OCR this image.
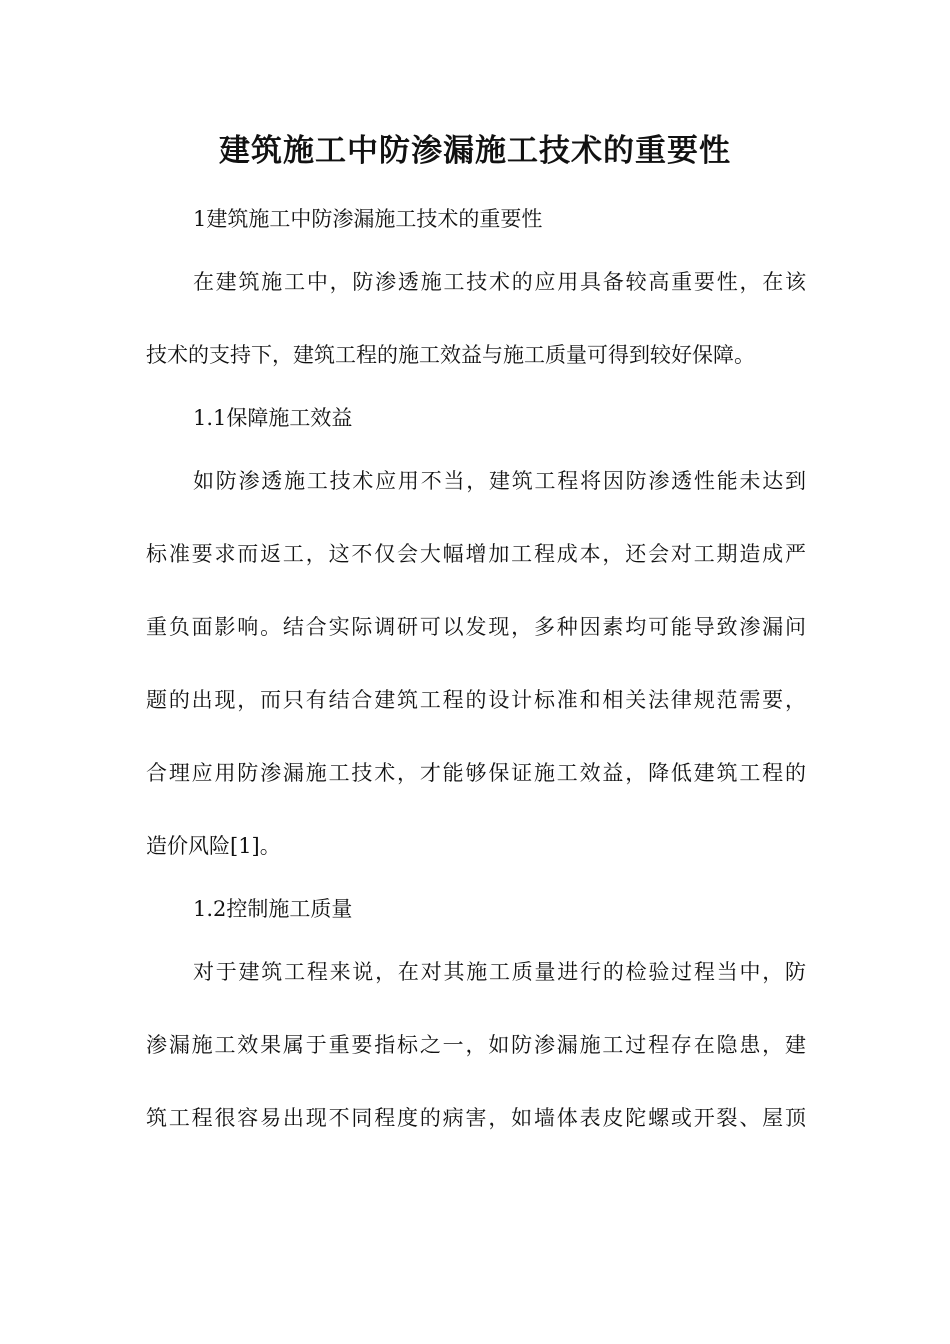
建筑施工中防渗漏施工技术的重要性

1建筑施工中防渗漏施工技术的重要性

在建筑施工中，防渗透施工技术的应用具备较高重要性，在该

技术的支持下，建筑工程的施工效益与施工质量可得到较好保障。

1.1保障施工效益

如防渗透施工技术应用不当，建筑工程将因防渗透性能未达到

标准要求而返工，这不仅会大幅增加工程成本，还会对工期造成严

重负面影响。结合实际调研可以发现，多种因素均可能导致渗漏问

题的出现，而只有结合建筑工程的设计标准和相关法律规范需要，

合理应用防渗漏施工技术，才能够保证施工效益，降低建筑工程的

造价风险[1]。

1.2控制施工质量

对于建筑工程来说，在对其施工质量进行的检验过程当中，防

渗漏施工效果属于重要指标之一，如防渗漏施工过程存在隐患，建

筑工程很容易出现不同程度的病害，如墙体表皮陀螺或开裂、屋顶
